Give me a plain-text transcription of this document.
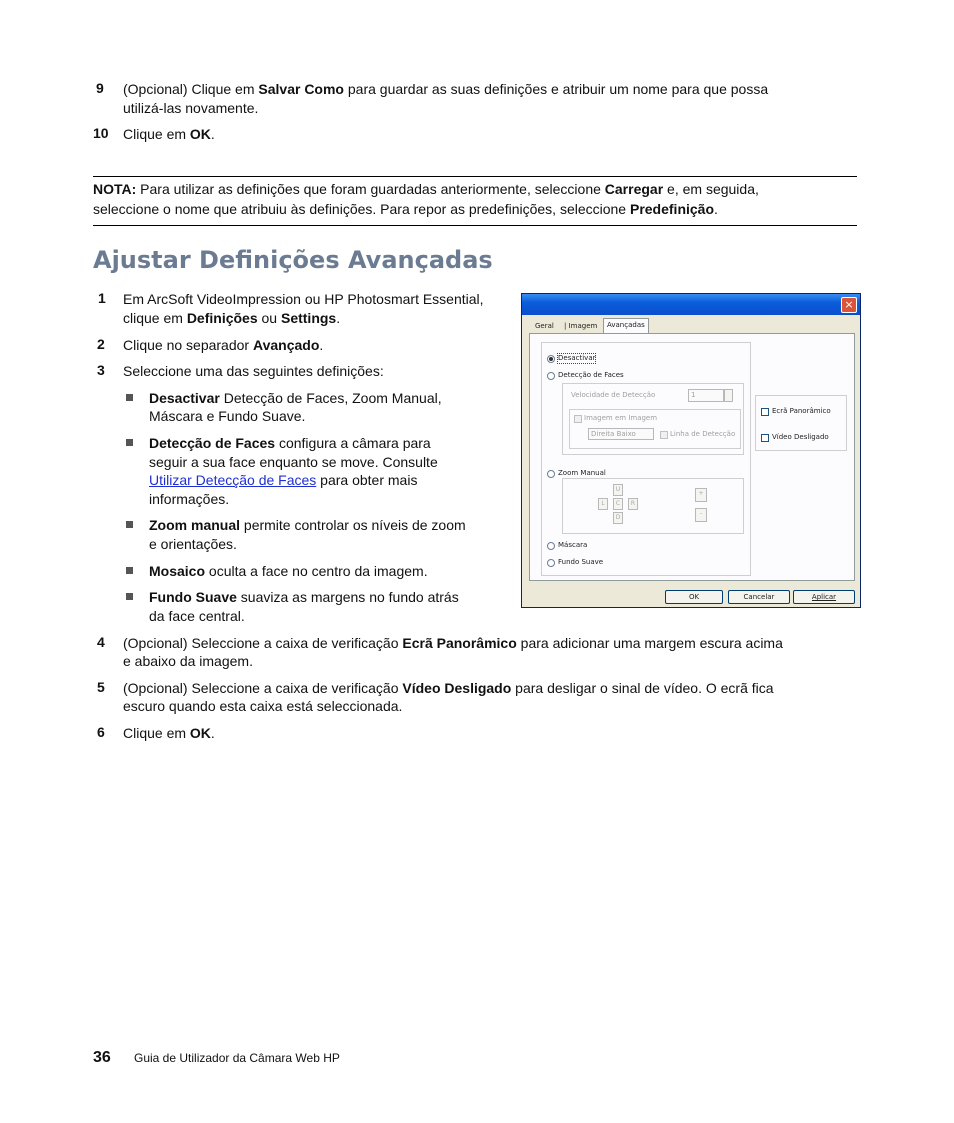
9	(Opcional) Clique em Salvar Como para guardar as suas definições e atribuir um nome para que possa
utilizá-las novamente.
10	Clique em OK.
NOTA: Para utilizar as definições que foram guardadas anteriormente, seleccione Carregar e, em seguida,
seleccione o nome que atribuiu às definições. Para repor as predefinições, seleccione Predefinição.
Ajustar Definições Avançadas
1	Em ArcSoft VideoImpression ou HP Photosmart Essential,
clique em Definições ou Settings.
2	Clique no separador Avançado.
3	Seleccione uma das seguintes definições:
Desactivar Detecção de Faces, Zoom Manual,
Máscara e Fundo Suave.
Detecção de Faces configura a câmara para
seguir a sua face enquanto se move. Consulte
Utilizar Detecção de Faces para obter mais
informações.
Zoom manual permite controlar os níveis de zoom
e orientações.
Mosaico oculta a face no centro da imagem.
Fundo Suave suaviza as margens no fundo atrás
da face central.
4	(Opcional) Seleccione a caixa de verificação Ecrã Panorâmico para adicionar uma margem escura acima
e abaixo da imagem.
5	(Opcional) Seleccione a caixa de verificação Vídeo Desligado para desligar o sinal de vídeo. O ecrã fica
escuro quando esta caixa está seleccionada.
6	Clique em OK.
×
Geral	| Imagem	Avançadas
Desactivar
Detecção de Faces
Velocidade de Detecção	1
Imagem em Imagem
Direita Baixo	Linha de Detecção
Zoom Manual
U
L	C	R
D
+
-
Máscara
Fundo Suave
Ecrã Panorâmico
Vídeo Desligado
OK	Cancelar	Aplicar
36 Guia de Utilizador da Câmara Web HP
